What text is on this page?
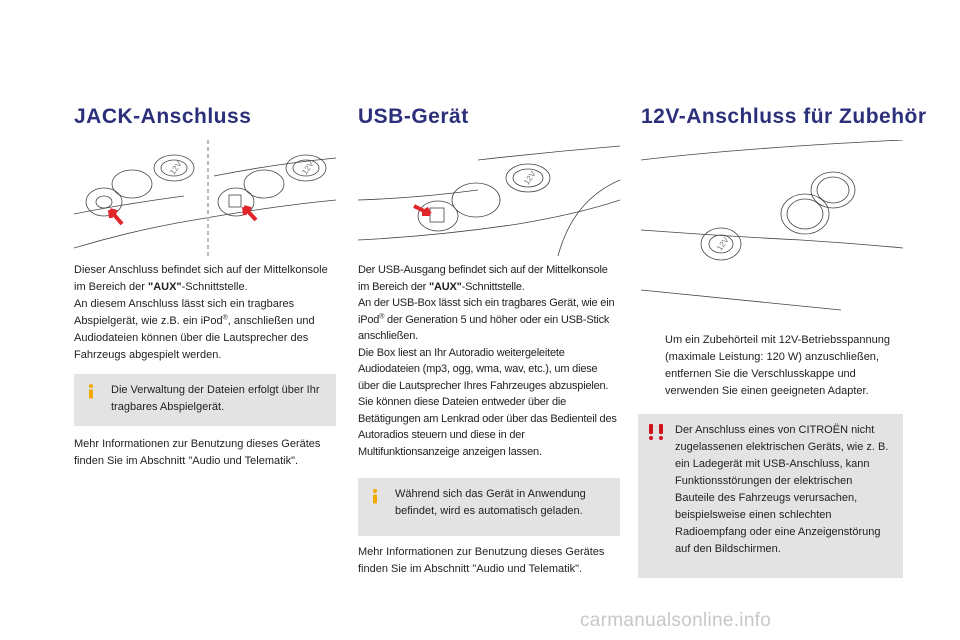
JACK-Anschluss
12V	12V

Dieser Anschluss befindet sich auf der Mittelkonsole im Bereich der "AUX"-Schnittstelle.

An diesem Anschluss lässt sich ein tragbares Abspielgerät, wie z.B. ein iPod®, anschließen und Audiodateien können über die Lautsprecher des Fahrzeugs abgespielt werden.

Die Verwaltung der Dateien erfolgt über Ihr tragbares Abspielgerät.
Mehr Informationen zur Benutzung dieses Gerätes finden Sie im Abschnitt "Audio und Telematik".
USB-Gerät
12V

Der USB-Ausgang befindet sich auf der Mittelkonsole im Bereich der "AUX"-Schnittstelle.

An der USB-Box lässt sich ein tragbares Gerät, wie ein iPod® der Generation 5 und höher oder ein USB-Stick anschließen.

Die Box liest an Ihr Autoradio weitergeleitete Audiodateien (mp3, ogg, wma, wav, etc.), um diese über die Lautsprecher Ihres Fahrzeuges abzuspielen.

Sie können diese Dateien entweder über die Betätigungen am Lenkrad oder über das Bedienteil des Autoradios steuern und diese in der Multifunktionsanzeige anzeigen lassen.

Während sich das Gerät in Anwendung befindet, wird es automatisch geladen.
Mehr Informationen zur Benutzung dieses Gerätes finden Sie im Abschnitt "Audio und Telematik".
12V-Anschluss für Zubehör
12V
Um ein Zubehörteil mit 12V-Betriebsspannung (maximale Leistung: 120 W) anzuschließen, entfernen Sie die Verschlusskappe und verwenden Sie einen geeigneten Adapter.
Der Anschluss eines von CITROËN nicht zugelassenen elektrischen Geräts, wie z. B. ein Ladegerät mit USB-Anschluss, kann Funktionsstörungen der elektrischen Bauteile des Fahrzeugs verursachen, beispielsweise einen schlechten Radioempfang oder eine Anzeigenstörung auf den Bildschirmen.
carmanualsonline.info
